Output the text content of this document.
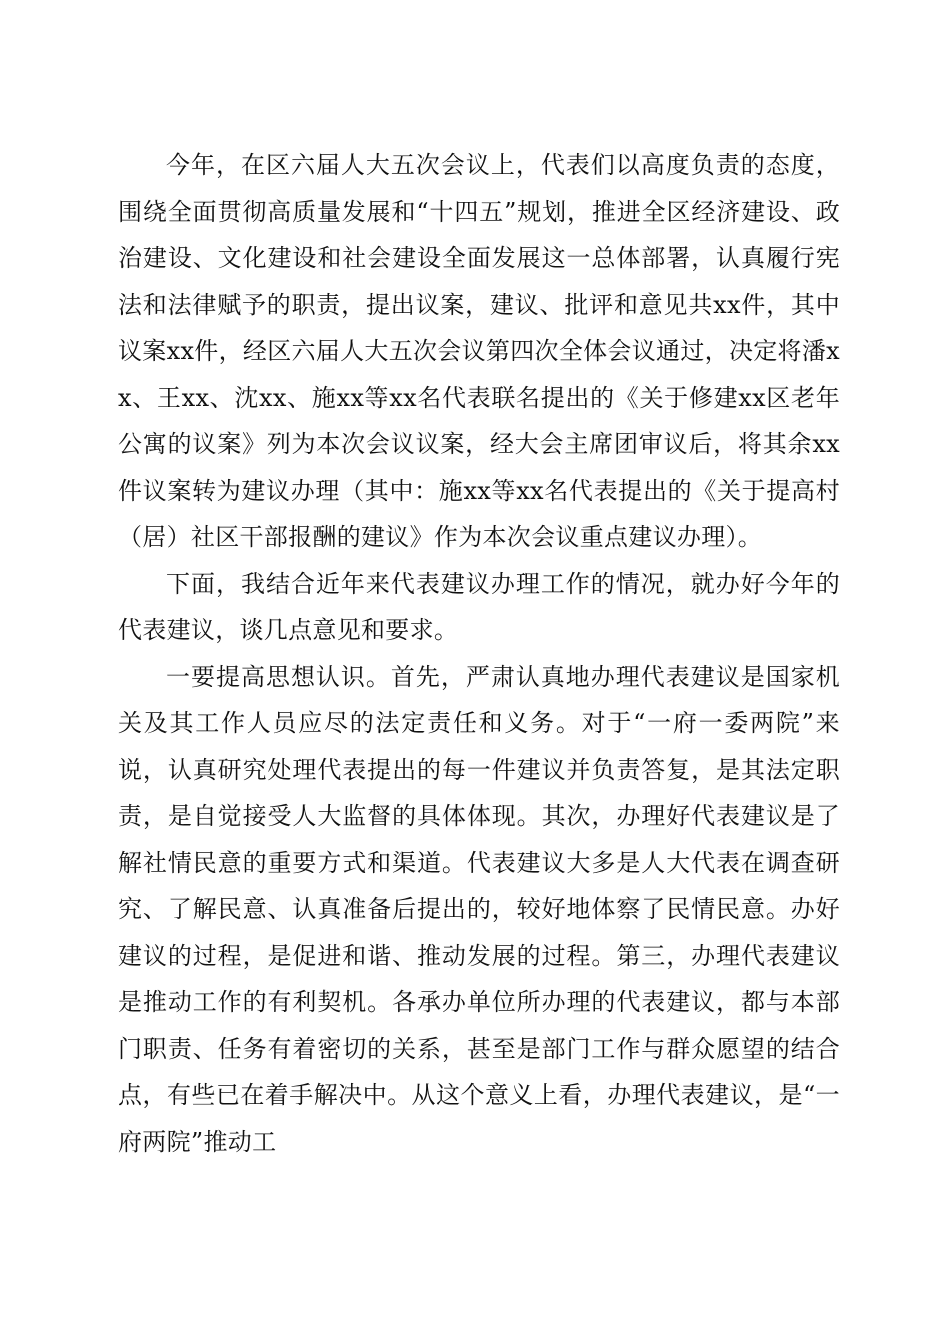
今年，在区六届人大五次会议上，代表们以高度负责的态度，围绕全面贯彻高质量发展和“十四五”规划，推进全区经济建设、政治建设、文化建设和社会建设全面发展这一总体部署，认真履行宪法和法律赋予的职责，提出议案，建议、批评和意见共xx件，其中议案xx件，经区六届人大五次会议第四次全体会议通过，决定将潘xx、王xx、沈xx、施xx等xx名代表联名提出的《关于修建xx区老年公寓的议案》列为本次会议议案，经大会主席团审议后，将其余xx件议案转为建议办理（其中：施xx等xx名代表提出的《关于提高村（居）社区干部报酬的建议》作为本次会议重点建议办理）。

下面，我结合近年来代表建议办理工作的情况，就办好今年的代表建议，谈几点意见和要求。

一要提高思想认识。首先，严肃认真地办理代表建议是国家机关及其工作人员应尽的法定责任和义务。对于“一府一委两院”来说，认真研究处理代表提出的每一件建议并负责答复，是其法定职责，是自觉接受人大监督的具体体现。其次，办理好代表建议是了解社情民意的重要方式和渠道。代表建议大多是人大代表在调查研究、了解民意、认真准备后提出的，较好地体察了民情民意。办好建议的过程，是促进和谐、推动发展的过程。第三，办理代表建议是推动工作的有利契机。各承办单位所办理的代表建议，都与本部门职责、任务有着密切的关系，甚至是部门工作与群众愿望的结合点，有些已在着手解决中。从这个意义上看，办理代表建议，是“一府两院”推动工
